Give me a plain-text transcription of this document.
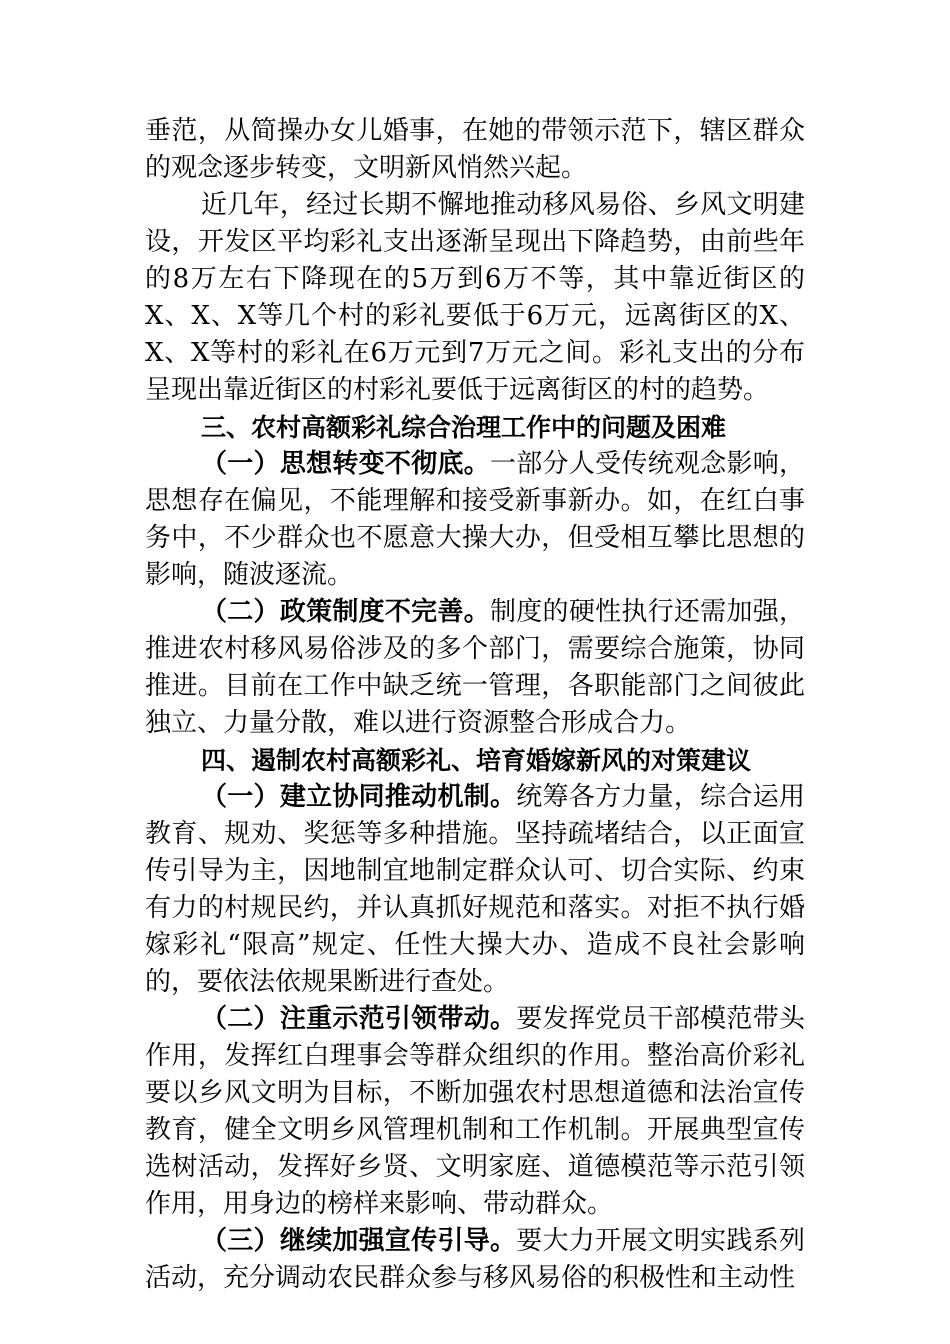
垂范，从简操办女儿婚事，在她的带领示范下，辖区群众的观念逐步转变，文明新风悄然兴起。

近几年，经过长期不懈地推动移风易俗、乡风文明建设，开发区平均彩礼支出逐渐呈现出下降趋势，由前些年的8万左右下降现在的5万到6万不等，其中靠近街区的X、X、X等几个村的彩礼要低于6万元，远离街区的X、X、X等村的彩礼在6万元到7万元之间。彩礼支出的分布呈现出靠近街区的村彩礼要低于远离街区的村的趋势。

三、农村高额彩礼综合治理工作中的问题及困难

（一）思想转变不彻底。一部分人受传统观念影响，思想存在偏见，不能理解和接受新事新办。如，在红白事务中，不少群众也不愿意大操大办，但受相互攀比思想的影响，随波逐流。

（二）政策制度不完善。制度的硬性执行还需加强，推进农村移风易俗涉及的多个部门，需要综合施策，协同推进。目前在工作中缺乏统一管理，各职能部门之间彼此独立、力量分散，难以进行资源整合形成合力。

四、遏制农村高额彩礼、培育婚嫁新风的对策建议

（一）建立协同推动机制。统筹各方力量，综合运用教育、规劝、奖惩等多种措施。坚持疏堵结合，以正面宣传引导为主，因地制宜地制定群众认可、切合实际、约束有力的村规民约，并认真抓好规范和落实。对拒不执行婚嫁彩礼“限高”规定、任性大操大办、造成不良社会影响的，要依法依规果断进行查处。

（二）注重示范引领带动。要发挥党员干部模范带头作用，发挥红白理事会等群众组织的作用。整治高价彩礼要以乡风文明为目标，不断加强农村思想道德和法治宣传教育，健全文明乡风管理机制和工作机制。开展典型宣传选树活动，发挥好乡贤、文明家庭、道德模范等示范引领作用，用身边的榜样来影响、带动群众。

（三）继续加强宣传引导。要大力开展文明实践系列活动，充分调动农民群众参与移风易俗的积极性和主动性
